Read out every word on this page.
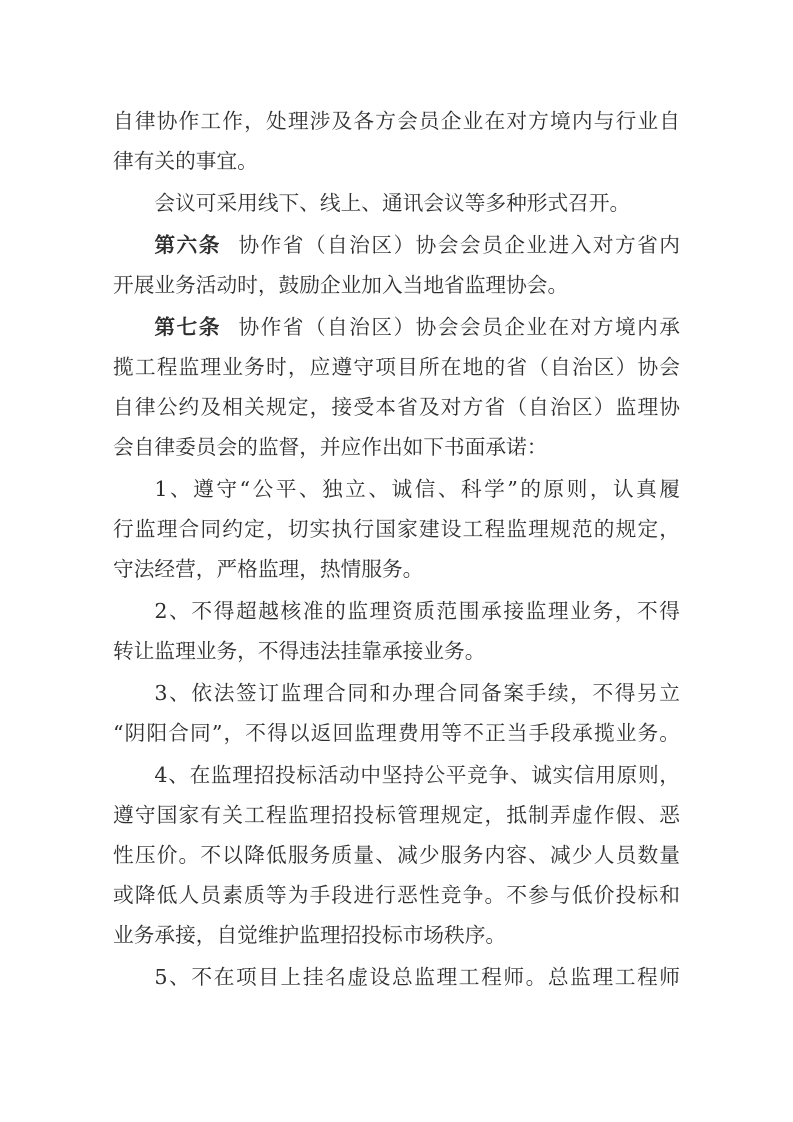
自律协作工作，处理涉及各方会员企业在对方境内与行业自
律有关的事宜。
会议可采用线下、线上、通讯会议等多种形式召开。
第六条 协作省（自治区）协会会员企业进入对方省内
开展业务活动时，鼓励企业加入当地省监理协会。
第七条 协作省（自治区）协会会员企业在对方境内承
揽工程监理业务时，应遵守项目所在地的省（自治区）协会
自律公约及相关规定，接受本省及对方省（自治区）监理协
会自律委员会的监督，并应作出如下书面承诺：
1、遵守“公平、独立、诚信、科学”的原则，认真履
行监理合同约定，切实执行国家建设工程监理规范的规定，
守法经营，严格监理，热情服务。
2、不得超越核准的监理资质范围承接监理业务，不得
转让监理业务，不得违法挂靠承接业务。
3、依法签订监理合同和办理合同备案手续，不得另立
“阴阳合同”，不得以返回监理费用等不正当手段承揽业务。
4、在监理招投标活动中坚持公平竞争、诚实信用原则，
遵守国家有关工程监理招投标管理规定，抵制弄虚作假、恶
性压价。不以降低服务质量、减少服务内容、减少人员数量
或降低人员素质等为手段进行恶性竞争。不参与低价投标和
业务承接，自觉维护监理招投标市场秩序。
5、不在项目上挂名虚设总监理工程师。总监理工程师
